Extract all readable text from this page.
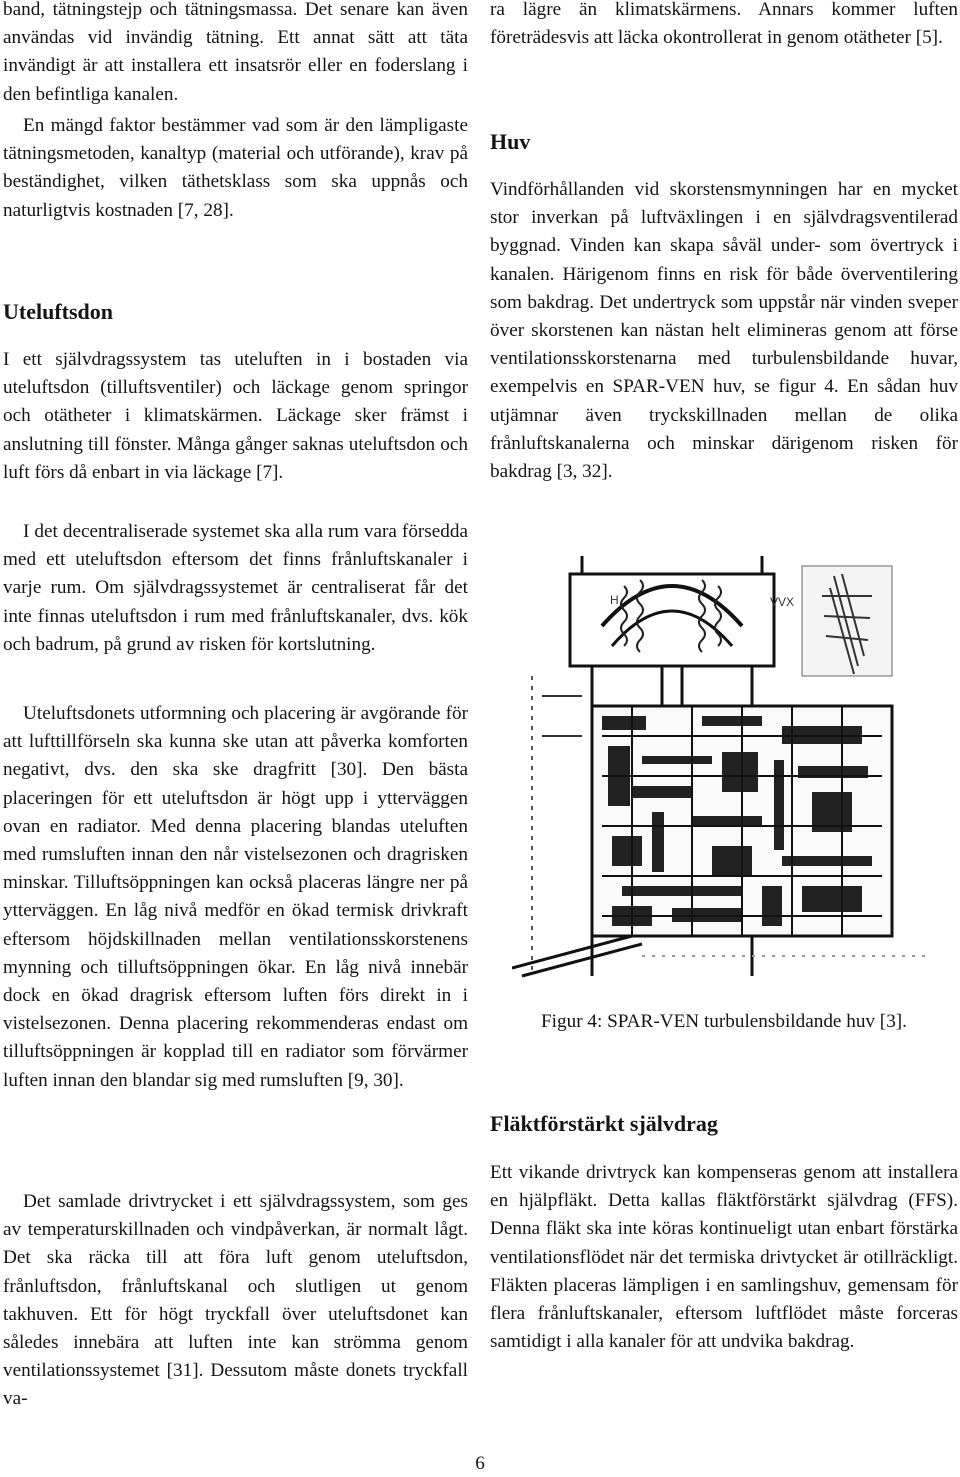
band, tätningstejp och tätningsmassa. Det senare kan även användas vid invändig tätning. Ett annat sätt att täta invändigt är att installera ett insatsrör eller en foderslang i den befintliga kanalen.

En mängd faktor bestämmer vad som är den lämpligaste tätningsmetoden, kanaltyp (material och utförande), krav på beständighet, vilken täthetsklass som ska uppnås och naturligtvis kostnaden [7, 28].

Uteluftsdon

I ett självdragssystem tas uteluften in i bostaden via uteluftsdon (tilluftsventiler) och läckage genom springor och otätheter i klimatskärmen. Läckage sker främst i anslutning till fönster. Många gånger saknas uteluftsdon och luft förs då enbart in via läckage [7].

I det decentraliserade systemet ska alla rum vara försedda med ett uteluftsdon eftersom det finns frånluftskanaler i varje rum. Om självdragssystemet är centraliserat får det inte finnas uteluftsdon i rum med frånluftskanaler, dvs. kök och badrum, på grund av risken för kortslutning.

Uteluftsdonets utformning och placering är avgörande för att lufttillförseln ska kunna ske utan att påverka komforten negativt, dvs. den ska ske dragfritt [30]. Den bästa placeringen för ett uteluftsdon är högt upp i ytterväggen ovan en radiator. Med denna placering blandas uteluften med rumsluften innan den når vistelsezonen och dragrisken minskar. Tilluftsöppningen kan också placeras längre ner på ytterväggen. En låg nivå medför en ökad termisk drivkraft eftersom höjdskillnaden mellan ventilationsskorstenens mynning och tilluftsöppningen ökar. En låg nivå innebär dock en ökad dragrisk eftersom luften förs direkt in i vistelsezonen. Denna placering rekommenderas endast om tilluftsöppningen är kopplad till en radiator som förvärmer luften innan den blandar sig med rumsluften [9, 30].

Det samlade drivtrycket i ett självdragssystem, som ges av temperaturskillnaden och vindpåverkan, är normalt lågt. Det ska räcka till att föra luft genom uteluftsdon, frånluftsdon, frånluftskanal och slutligen ut genom takhuven. Ett för högt tryckfall över uteluftsdonet kan således innebära att luften inte kan strömma genom ventilationssystemet [31]. Dessutom måste donets tryckfall va-

ra lägre än klimatskärmens. Annars kommer luften företrädesvis att läcka okontrollerat in genom otätheter [5].

Huv

Vindförhållanden vid skorstensmynningen har en mycket stor inverkan på luftväxlingen i en självdragsventilerad byggnad. Vinden kan skapa såväl under- som övertryck i kanalen. Härigenom finns en risk för både överventilering som bakdrag. Det undertryck som uppstår när vinden sveper över skorstenen kan nästan helt elimineras genom att förse ventilationsskorstenarna med turbulensbildande huvar, exempelvis en SPAR-VEN huv, se figur 4. En sådan huv utjämnar även tryckskillnaden mellan de olika frånluftskanalerna och minskar därigenom risken för bakdrag [3, 32].

H	VVX

Figur 4: SPAR-VEN turbulensbildande huv [3].

Fläktförstärkt självdrag

Ett vikande drivtryck kan kompenseras genom att installera en hjälpfläkt. Detta kallas fläktförstärkt självdrag (FFS). Denna fläkt ska inte köras kontinueligt utan enbart förstärka ventilationsflödet när det termiska drivtycket är otillräckligt. Fläkten placeras lämpligen i en samlingshuv, gemensam för flera frånluftskanaler, eftersom luftflödet måste forceras samtidigt i alla kanaler för att undvika bakdrag.

6
